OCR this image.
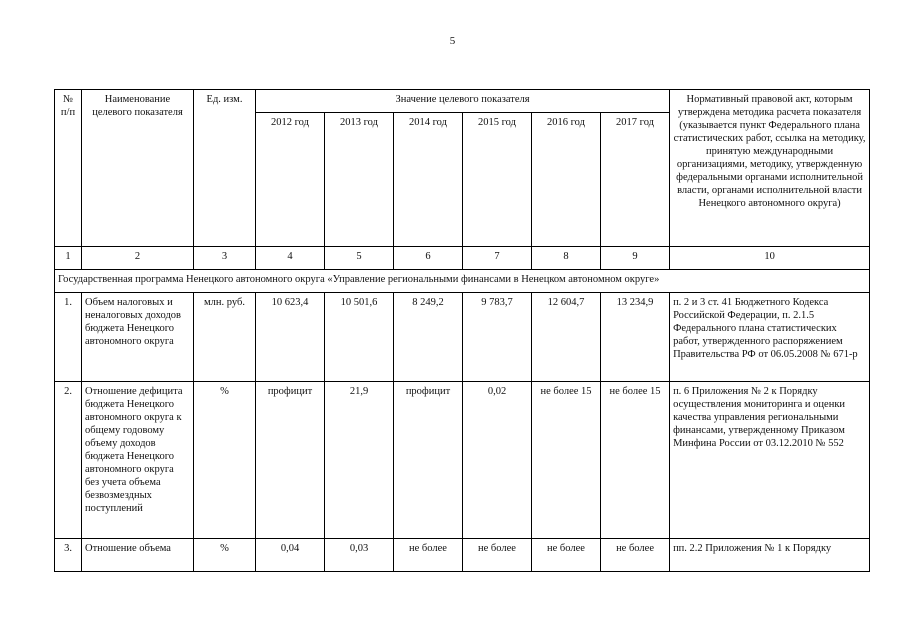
5
№ п/п	Наименование целевого показателя	Ед. изм.	Значение целевого показателя						Нормативный правовой акт, которым утверждена методика расчета показателя (указывается пункт Федерального плана статистических работ, ссылка на методику, принятую международными организациями, методику, утвержденную федеральными органами исполнительной власти, органами исполнительной власти Ненецкого автономного округа)
			2012 год	2013 год	2014 год	2015 год	2016 год	2017 год	
1	2	3	4	5	6	7	8	9	10
Государственная программа Ненецкого автономного округа «Управление региональными финансами в Ненецком автономном округе»									
1.	Объем налоговых и неналоговых доходов бюджета Ненецкого автономного округа	млн. руб.	10 623,4	10 501,6	8 249,2	9 783,7	12 604,7	13 234,9	п. 2 и 3 ст. 41 Бюджетного Кодекса Российской Федерации, п. 2.1.5 Федерального плана статистических работ, утвержденного распоряжением Правительства РФ от 06.05.2008 № 671-р
2.	Отношение дефицита бюджета Ненецкого автономного округа к общему годовому объему доходов бюджета Ненецкого автономного округа без учета объема безвозмездных поступлений	%	профицит	21,9	профицит	0,02	не более 15	не более 15	п. 6 Приложения № 2 к Порядку осуществления мониторинга и оценки качества управления региональными финансами, утвержденному Приказом Минфина России от 03.12.2010 № 552
3.	Отношение объема	%	0,04	0,03	не более	не более	не более	не более	пп. 2.2 Приложения № 1 к Порядку
